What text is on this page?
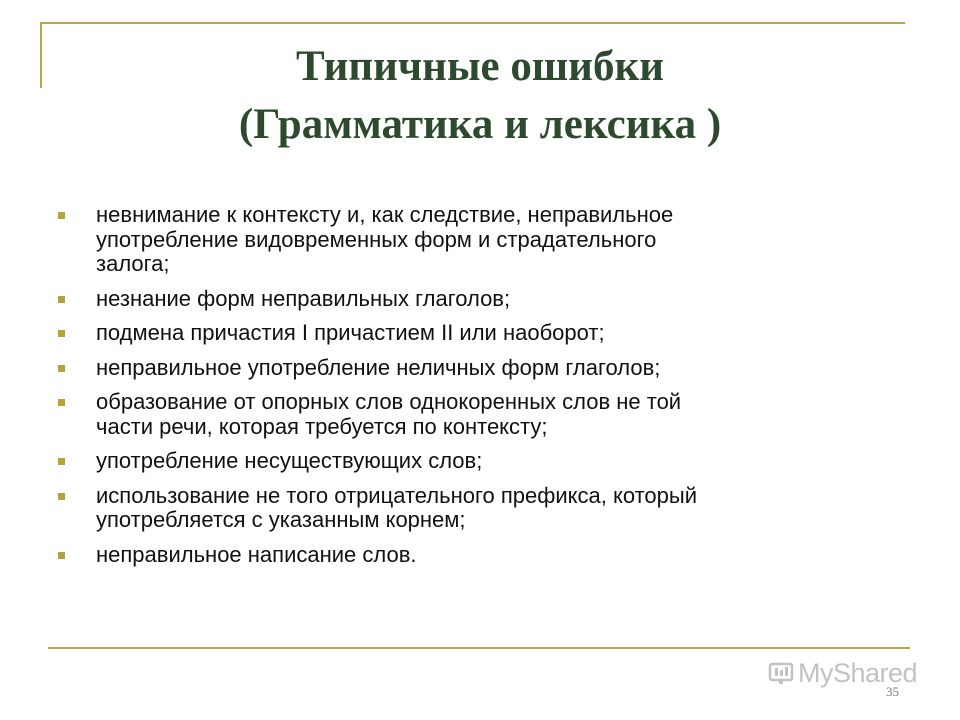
Типичные ошибки
(Грамматика и лексика )
невнимание к контексту и, как следствие, неправильное
употребление видовременных форм и страдательного
залога;
незнание форм неправильных глаголов;
подмена причастия I причастием II или наоборот;
неправильное употребление неличных форм глаголов;
образование от опорных слов однокоренных слов не той
части речи, которая требуется по контексту;
употребление несуществующих слов;
использование не того отрицательного префикса, который
употребляется с указанным корнем;
неправильное написание слов.
MyShared
35
